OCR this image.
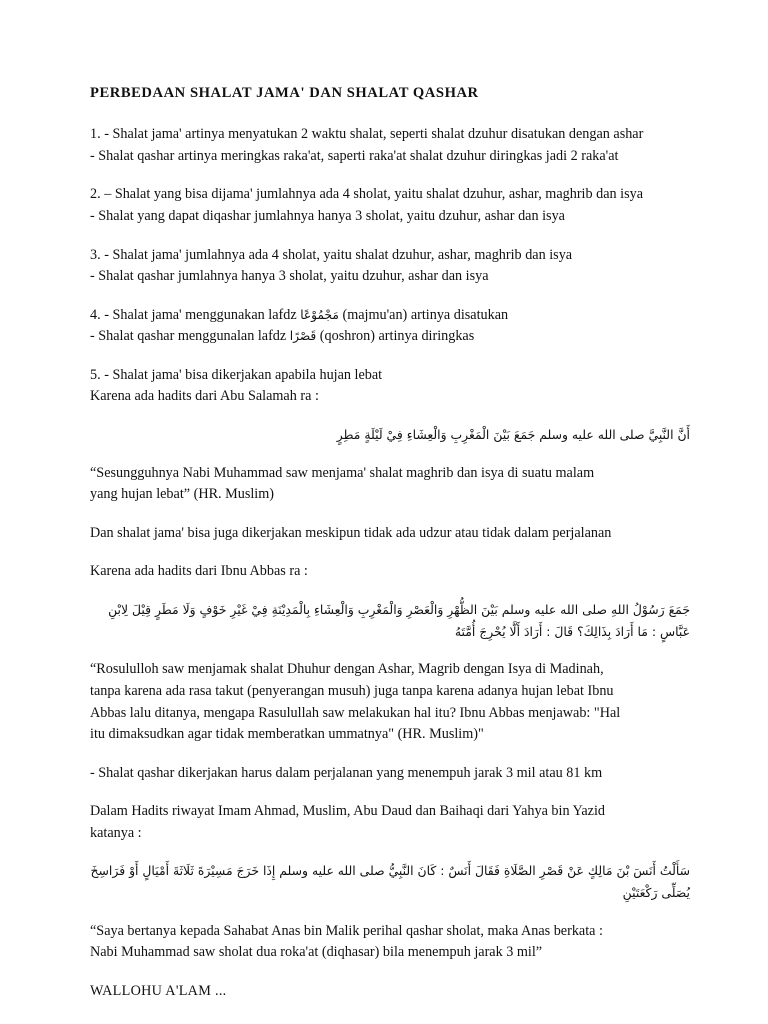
PERBEDAAN SHALAT JAMA' DAN SHALAT QASHAR

1. - Shalat jama' artinya menyatukan 2 waktu shalat, seperti shalat dzuhur disatukan dengan ashar
- Shalat qashar artinya meringkas raka'at, saperti raka'at shalat dzuhur diringkas jadi 2 raka'at

2. – Shalat yang bisa dijama' jumlahnya ada 4 sholat, yaitu shalat dzuhur, ashar, maghrib dan isya
- Shalat yang dapat diqashar jumlahnya hanya 3 sholat, yaitu dzuhur, ashar dan isya

3. - Shalat jama' jumlahnya ada 4 sholat, yaitu shalat dzuhur, ashar, maghrib dan isya
- Shalat qashar jumlahnya hanya 3 sholat, yaitu dzuhur, ashar dan isya

4. - Shalat jama' menggunakan lafdz مَجْمُوْعًا (majmu'an) artinya disatukan
- Shalat qashar menggunalan lafdz قَصْرًا (qoshron) artinya diringkas

5. - Shalat jama' bisa dikerjakan apabila hujan lebat
Karena ada hadits dari Abu Salamah ra :

أَنَّ النَّبِيَّ صلى الله عليه وسلم جَمَعَ بَيْنَ الْمَغْرِبِ وَالْعِشَاءِ فِيْ لَيْلَةٍ مَطِرٍ

“Sesungguhnya Nabi Muhammad saw menjama' shalat maghrib dan isya di suatu malam
yang hujan lebat” (HR. Muslim)

Dan shalat jama' bisa juga dikerjakan meskipun tidak ada udzur atau tidak dalam perjalanan

Karena ada hadits dari Ibnu Abbas ra :

جَمَعَ رَسُوْلُ اللهِ صلى الله عليه وسلم بَيْنَ الظُّهْرِ وَالْعَصْرِ وَالْمَغْرِبِ وَالْعِشَاءِ بِالْمَدِيْنَةِ فِيْ غَيْرِ خَوْفٍ وَلَا مَطَرٍ قِيْلَ لِابْنِ
عَبَّاسٍ : مَا أَرَادَ بِذَالِكَ؟ قَالَ : أَرَادَ أَلَّا يُحْرِجَ أُمَّتَهُ

“Rosululloh saw menjamak shalat Dhuhur dengan Ashar, Magrib dengan Isya di Madinah,
tanpa karena ada rasa takut (penyerangan musuh) juga tanpa karena adanya hujan lebat Ibnu
Abbas lalu ditanya, mengapa Rasulullah saw melakukan hal itu? Ibnu Abbas menjawab: "Hal
itu dimaksudkan agar tidak memberatkan ummatnya" (HR. Muslim)"

- Shalat qashar dikerjakan harus dalam perjalanan yang menempuh jarak 3 mil atau 81 km

Dalam Hadits riwayat Imam Ahmad, Muslim, Abu Daud dan Baihaqi dari Yahya bin Yazid
katanya :

سَأَلْتُ أَنَسَ بْنَ مَالِكٍ عَنْ قَصْرِ الصَّلَاةِ فَقَالَ أَنَسٌ : كَانَ النَّبِيُّ صلى الله عليه وسلم إِذَا خَرَجَ مَسِيْرَةَ ثَلَاثَةَ أَمْيَالٍ أَوْ فَرَاسِخَ
يُصَلِّى رَكْعَتَيْنِ

“Saya bertanya kepada Sahabat Anas bin Malik perihal qashar sholat, maka Anas berkata :
Nabi Muhammad saw sholat dua roka'at (diqhasar) bila menempuh jarak 3 mil”

WALLOHU A'LAM ...
